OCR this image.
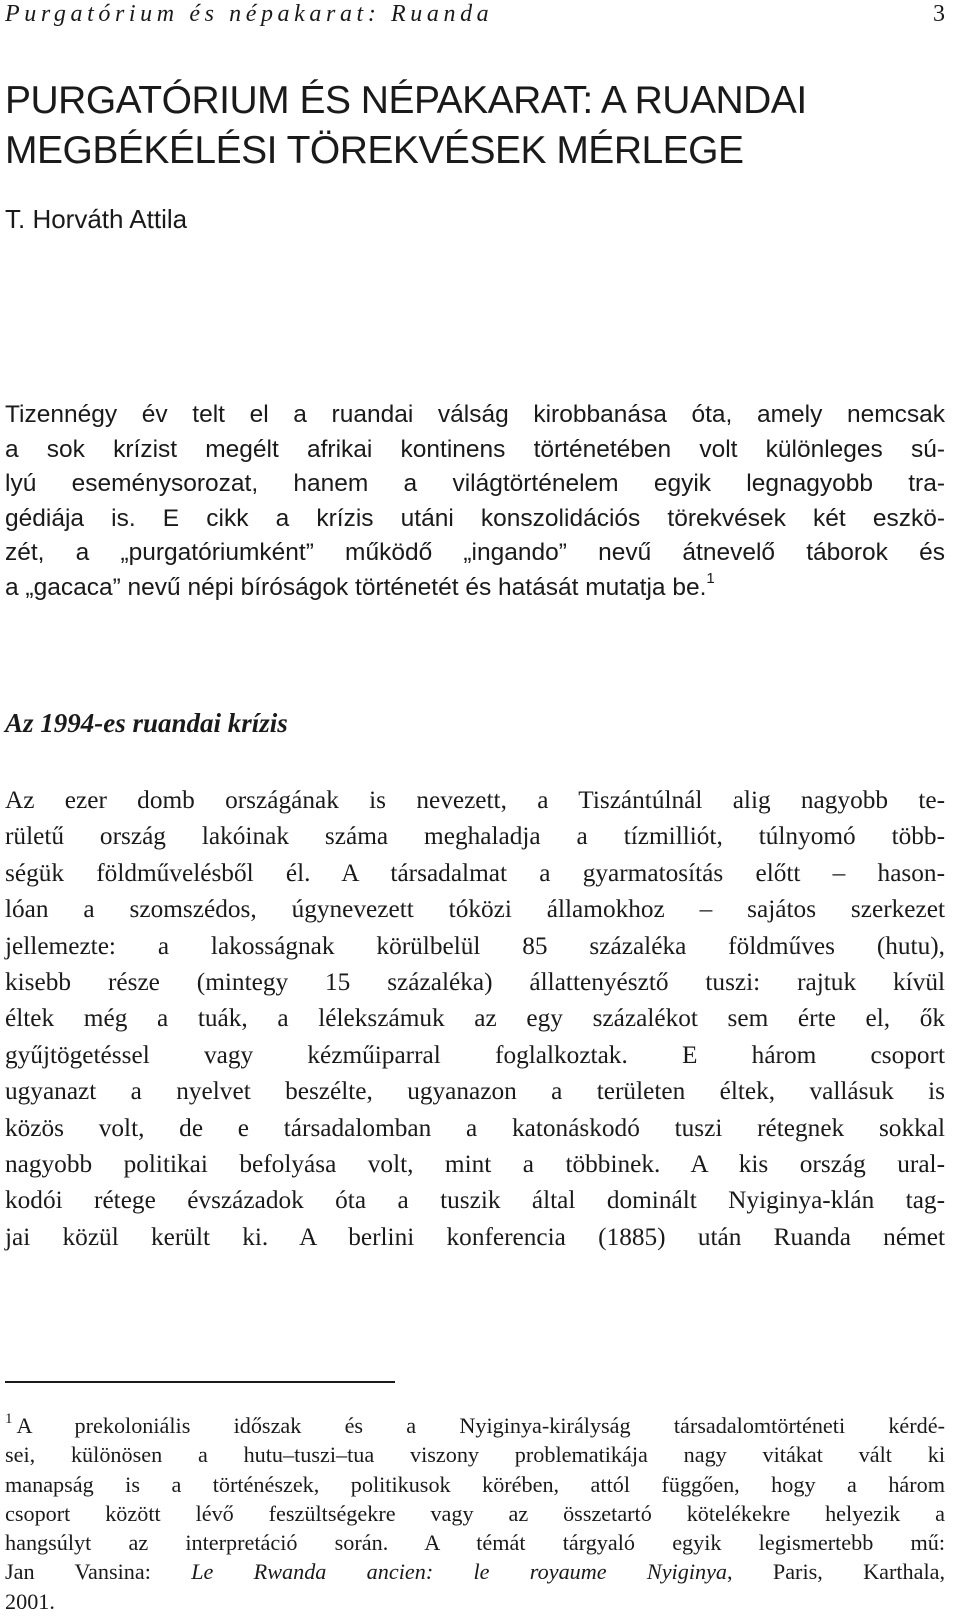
Purgatórium és népakarat: Ruanda	3
PURGATÓRIUM ÉS NÉPAKARAT: A RUANDAI
MEGBÉKÉLÉSI TÖREKVÉSEK MÉRLEGE
T. Horváth Attila
Tizennégy év telt el a ruandai válság kirobbanása óta, amely nemcsak
a sok krízist megélt afrikai kontinens történetében volt különleges sú-
lyú eseménysorozat, hanem a világtörténelem egyik legnagyobb tra-
gédiája is. E cikk a krízis utáni konszolidációs törekvések két eszkö-
zét, a „purgatóriumként” működő „ingando” nevű átnevelő táborok és
a „gacaca” nevű népi bíróságok történetét és hatását mutatja be.$^1$
Az 1994-es ruandai krízis
Az ezer domb országának is nevezett, a Tiszántúlnál alig nagyobb te-
rületű ország lakóinak száma meghaladja a tízmilliót, túlnyomó több-
ségük földművelésből él. A társadalmat a gyarmatosítás előtt – hason-
lóan a szomszédos, úgynevezett tóközi államokhoz – sajátos szerkezet
jellemezte: a lakosságnak körülbelül 85 százaléka földműves (hutu),
kisebb része (mintegy 15 százaléka) állattenyésztő tuszi: rajtuk kívül
éltek még a tuák, a lélekszámuk az egy százalékot sem érte el, ők
gyűjtögetéssel vagy kézműiparral foglalkoztak. E három csoport
ugyanazt a nyelvet beszélte, ugyanazon a területen éltek, vallásuk is
közös volt, de e társadalomban a katonáskodó tuszi rétegnek sokkal
nagyobb politikai befolyása volt, mint a többinek. A kis ország ural-
kodói rétege évszázadok óta a tuszik által dominált Nyiginya-klán tag-
jai közül került ki. A berlini konferencia (1885) után Ruanda német
$^1$ A prekoloniális időszak és a Nyiginya-királyság társadalomtörténeti kérdé-
sei, különösen a hutu–tuszi–tua viszony problematikája nagy vitákat vált ki
manapság is a történészek, politikusok körében, attól függően, hogy a három
csoport között lévő feszültségekre vagy az összetartó kötelékekre helyezik a
hangsúlyt az interpretáció során. A témát tárgyaló egyik legismertebb mű:
Jan Vansina: Le Rwanda ancien: le royaume Nyiginya, Paris, Karthala,
2001.
